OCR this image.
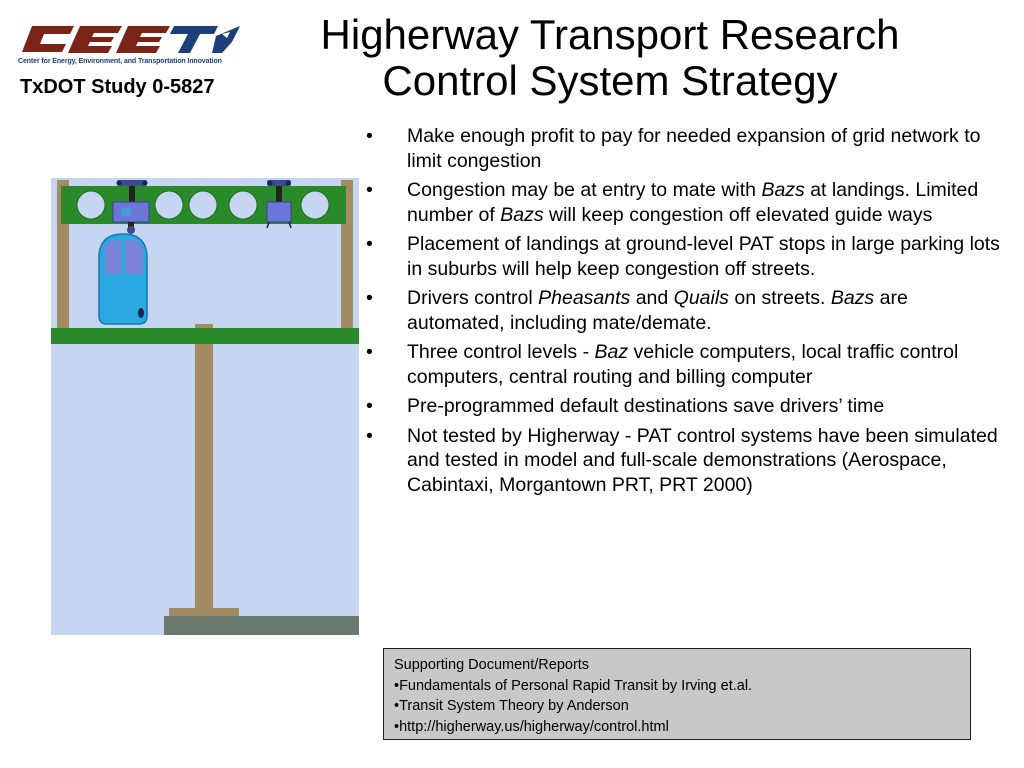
Center for Energy, Environment, and Transportation Innovation
TxDOT Study 0-5827
Higherway Transport Research
Control System Strategy
• Make enough profit to pay for needed expansion of grid network to limit congestion
• Congestion may be at entry to mate with Bazs at landings. Limited number of Bazs will keep congestion off elevated guide ways
• Placement of landings at ground-level PAT stops in large parking lots in suburbs will help keep congestion off streets.
• Drivers control Pheasants and Quails on streets. Bazs are automated, including mate/demate.
• Three control levels - Baz vehicle computers, local traffic control computers, central routing and billing computer
• Pre-programmed default destinations save drivers’ time
• Not tested by Higherway - PAT control systems have been simulated and tested in model and full-scale demonstrations (Aerospace, Cabintaxi, Morgantown PRT, PRT 2000)
Supporting Document/Reports
•Fundamentals of Personal Rapid Transit by Irving et.al.
•Transit System Theory by Anderson
•http://higherway.us/higherway/control.html
